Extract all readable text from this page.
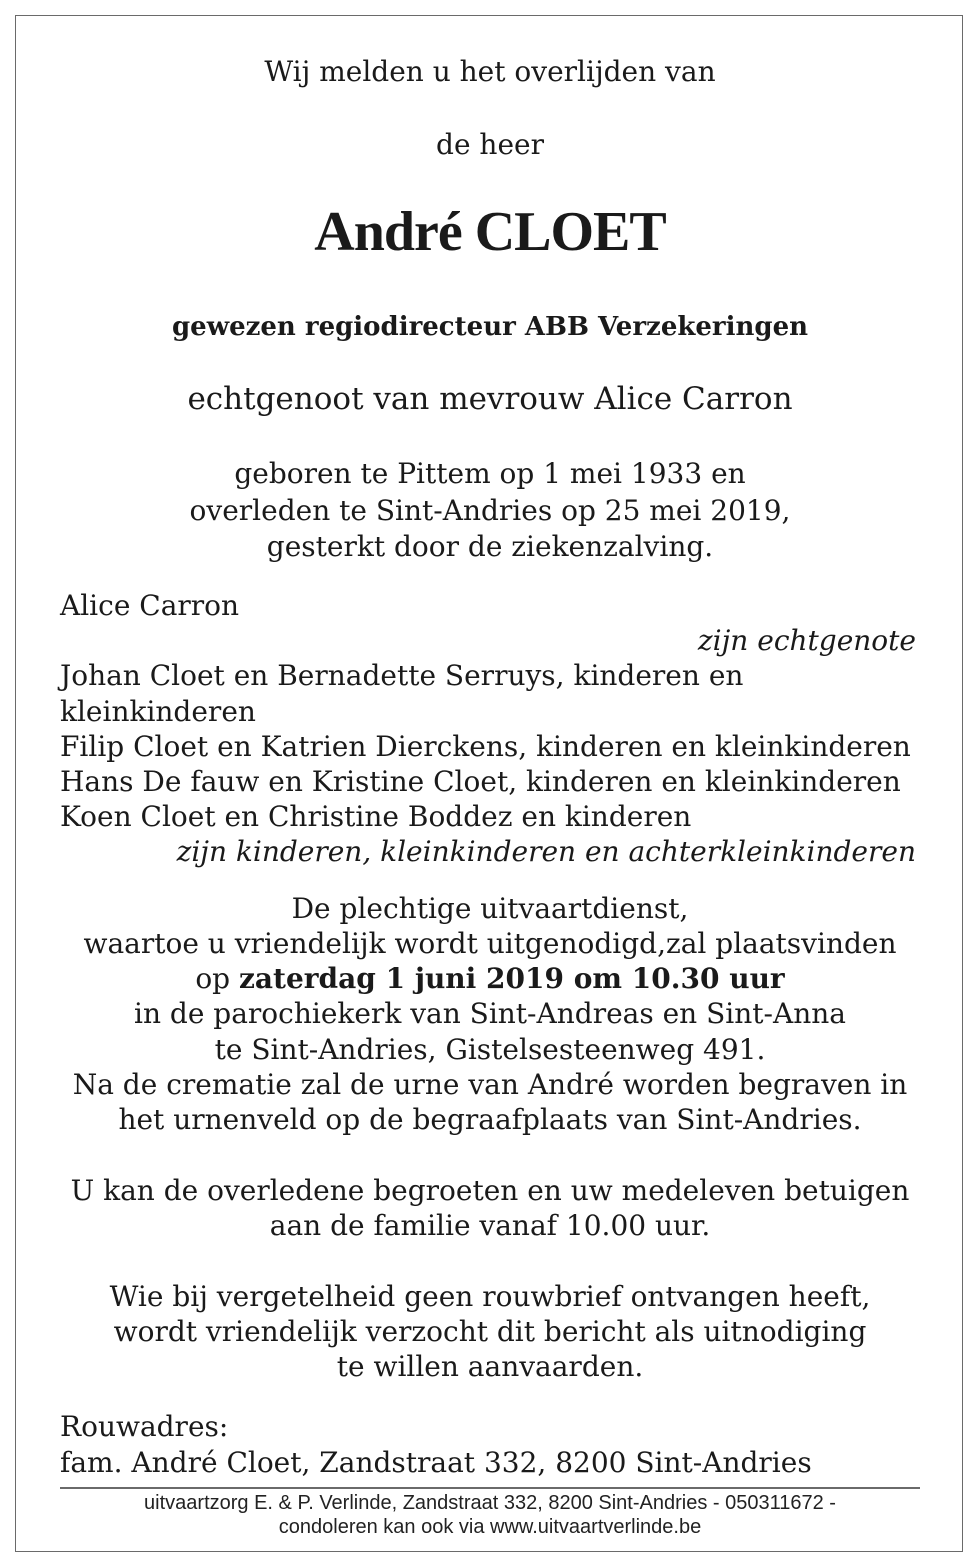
Wij melden u het overlijden van
de heer
André CLOET
gewezen regiodirecteur ABB Verzekeringen
echtgenoot van mevrouw Alice Carron
geboren te Pittem op 1 mei 1933 en
overleden te Sint-Andries op 25 mei 2019,
gesterkt door de ziekenzalving.
Alice Carron
zijn echtgenote
Johan Cloet en Bernadette Serruys, kinderen en
kleinkinderen
Filip Cloet en Katrien Dierckens, kinderen en kleinkinderen
Hans De fauw en Kristine Cloet, kinderen en kleinkinderen
Koen Cloet en Christine Boddez en kinderen
zijn kinderen, kleinkinderen en achterkleinkinderen
De plechtige uitvaartdienst,
waartoe u vriendelijk wordt uitgenodigd,zal plaatsvinden
op zaterdag 1 juni 2019 om 10.30 uur
in de parochiekerk van Sint-Andreas en Sint-Anna
te Sint-Andries, Gistelsesteenweg 491.
Na de crematie zal de urne van André worden begraven in
het urnenveld op de begraafplaats van Sint-Andries.
U kan de overledene begroeten en uw medeleven betuigen
aan de familie vanaf 10.00 uur.
Wie bij vergetelheid geen rouwbrief ontvangen heeft,
wordt vriendelijk verzocht dit bericht als uitnodiging
te willen aanvaarden.
Rouwadres:
fam. André Cloet, Zandstraat 332, 8200 Sint-Andries
uitvaartzorg E. & P. Verlinde, Zandstraat 332, 8200 Sint-Andries - 050311672 -
condoleren kan ook via www.uitvaartverlinde.be
